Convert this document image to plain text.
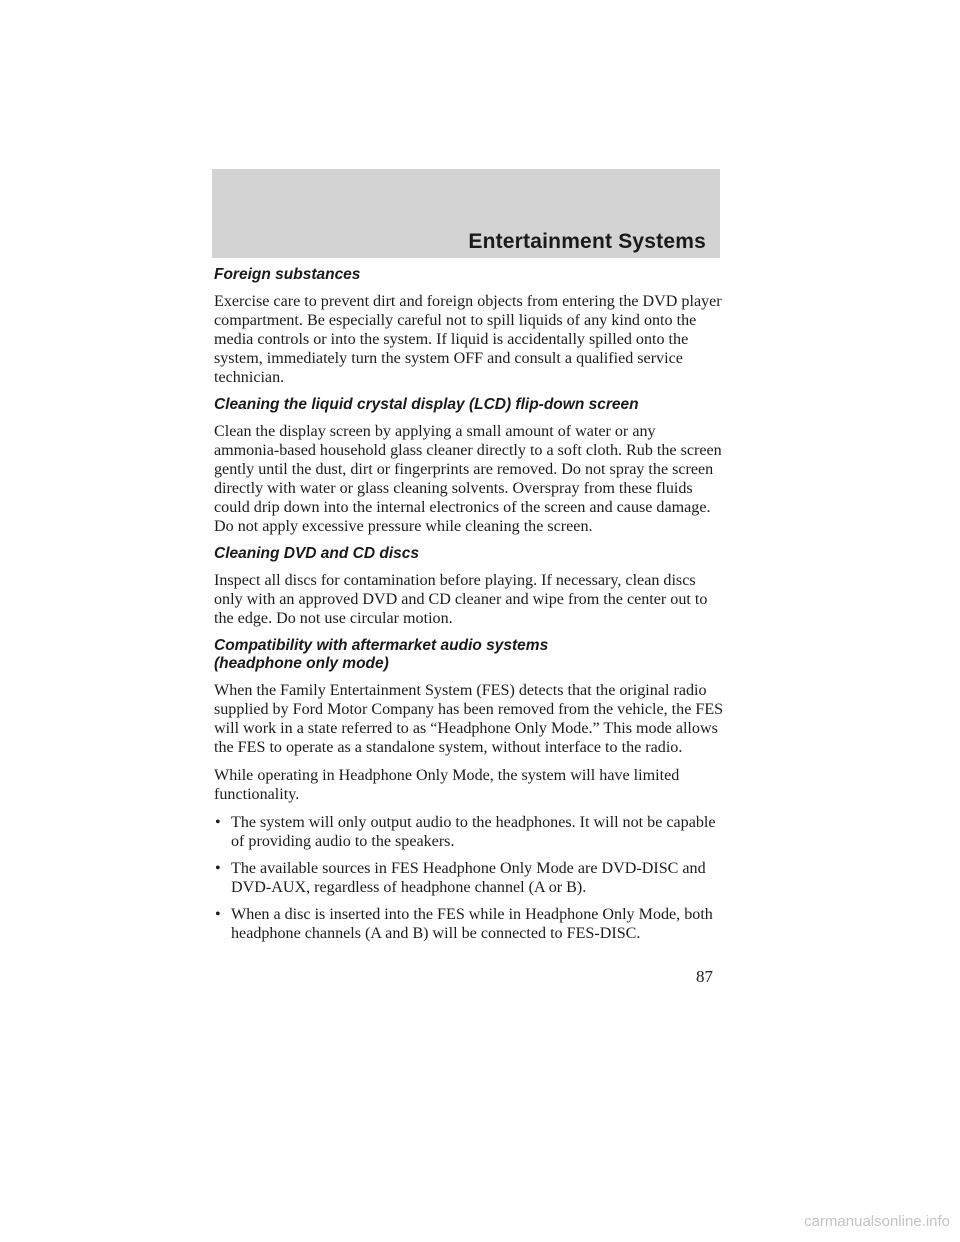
Entertainment Systems
Foreign substances

Exercise care to prevent dirt and foreign objects from entering the DVD player compartment. Be especially careful not to spill liquids of any kind onto the media controls or into the system. If liquid is accidentally spilled onto the system, immediately turn the system OFF and consult a qualified service technician.

Cleaning the liquid crystal display (LCD) flip-down screen

Clean the display screen by applying a small amount of water or any ammonia-based household glass cleaner directly to a soft cloth. Rub the screen gently until the dust, dirt or fingerprints are removed. Do not spray the screen directly with water or glass cleaning solvents. Overspray from these fluids could drip down into the internal electronics of the screen and cause damage. Do not apply excessive pressure while cleaning the screen.

Cleaning DVD and CD discs

Inspect all discs for contamination before playing. If necessary, clean discs only with an approved DVD and CD cleaner and wipe from the center out to the edge. Do not use circular motion.

Compatibility with aftermarket audio systems
(headphone only mode)

When the Family Entertainment System (FES) detects that the original radio supplied by Ford Motor Company has been removed from the vehicle, the FES will work in a state referred to as “Headphone Only Mode.” This mode allows the FES to operate as a standalone system, without interface to the radio.

While operating in Headphone Only Mode, the system will have limited functionality.

• The system will only output audio to the headphones. It will not be capable of providing audio to the speakers.
• The available sources in FES Headphone Only Mode are DVD-DISC and DVD-AUX, regardless of headphone channel (A or B).
• When a disc is inserted into the FES while in Headphone Only Mode, both headphone channels (A and B) will be connected to FES-DISC.
87
carmanualsonline.info
